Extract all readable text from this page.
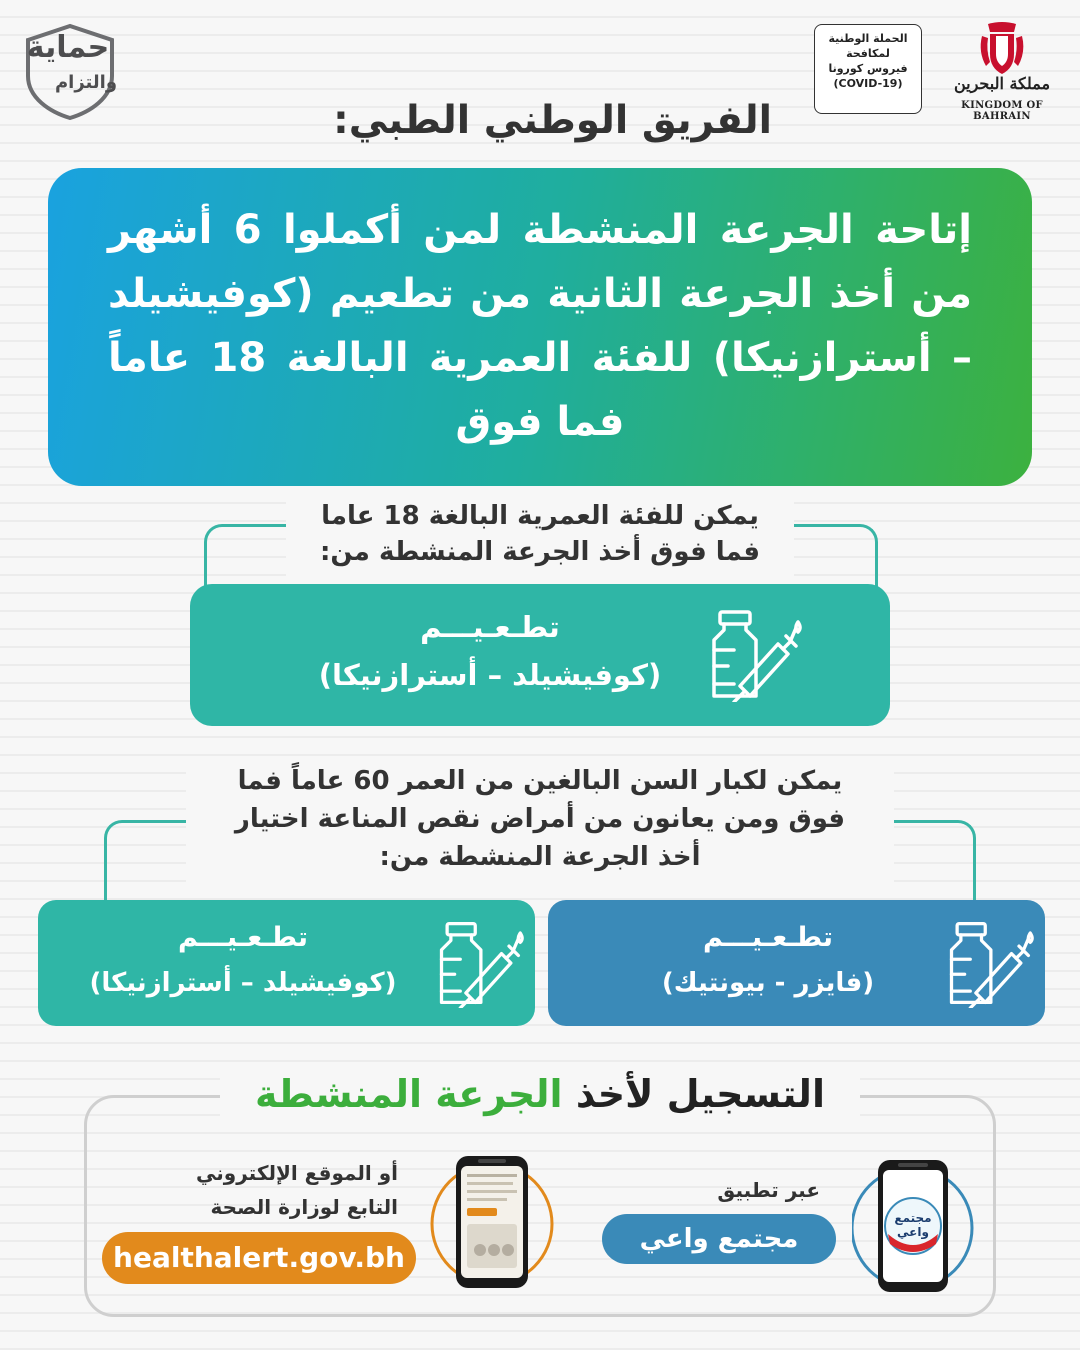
حماية
والتزام
الحملة الوطنية
لمكافحة
فيروس كورونا
(COVID-19)	مملكة البحرين
KINGDOM OF BAHRAIN
الفريق الوطني الطبي:
إتاحة الجرعة المنشطة لمن أكملوا 6 أشهر من أخذ الجرعة الثانية من تطعيم (كوفيشيلد – أسترازنيكا) للفئة العمرية البالغة 18 عاماً فما فوق
يمكن للفئة العمرية البالغة 18 عاما
فما فوق أخذ الجرعة المنشطة من:
تطـعـيـــم
(كوفيشيلد – أسترازنيكا)
يمكن لكبار السن البالغين من العمر 60 عاماً فما
فوق ومن يعانون من أمراض نقص المناعة اختيار
أخذ الجرعة المنشطة من:
تطـعـيـــم
(كوفيشيلد – أسترازنيكا)
تطـعـيـــم
(فايزر - بيونتيك)
التسجيل لأخذ الجرعة المنشطة
عبر تطبيق
مجتمع واعي
مجتمع
واعي
أو الموقع الإلكتروني
التابع لوزارة الصحة
healthalert.gov.bh
